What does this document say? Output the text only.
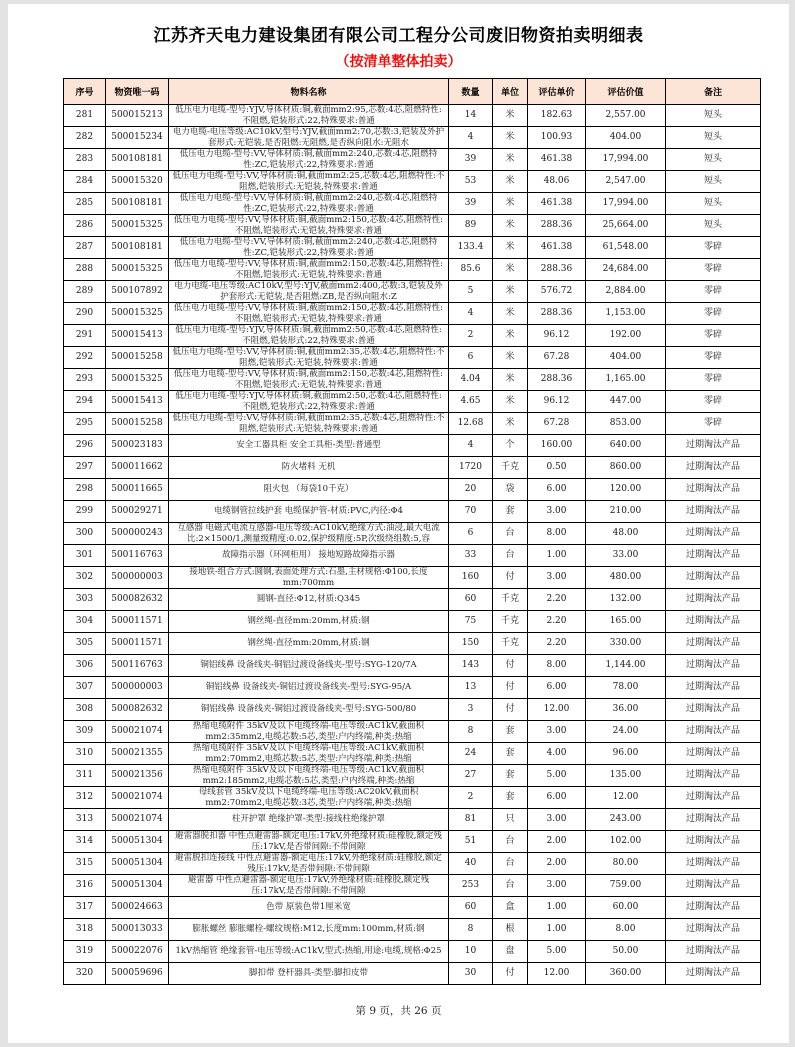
江苏齐天电力建设集团有限公司工程分公司废旧物资拍卖明细表
（按清单整体拍卖）
序号	物资唯一码	物料名称	数量	单位	评估单价	评估价值	备注
281	500015213	低压电力电缆-型号:YJV,导体材质:铜,截面mm2:95,芯数:4芯,阻燃特性:不阻燃,铠装形式:22,特殊要求:普通	14	米	182.63	2,557.00	短头
282	500015234	电力电缆-电压等级:AC10kV,型号:YJV,截面mm2:70,芯数:3,铠装及外护套形式:无铠装,是否阻燃:无阻燃,是否纵向阻水:无阻水	4	米	100.93	404.00	短头
283	500108181	低压电力电缆-型号:VV,导体材质:铜,截面mm2:240,芯数:4芯,阻燃特性:ZC,铠装形式:22,特殊要求:普通	39	米	461.38	17,994.00	短头
284	500015320	低压电力电缆-型号:VV,导体材质:铜,截面mm2:25,芯数:4芯,阻燃特性:不阻燃,铠装形式:无铠装,特殊要求:普通	53	米	48.06	2,547.00	短头
285	500108181	低压电力电缆-型号:VV,导体材质:铜,截面mm2:240,芯数:4芯,阻燃特性:ZC,铠装形式:22,特殊要求:普通	39	米	461.38	17,994.00	短头
286	500015325	低压电力电缆-型号:VV,导体材质:铜,截面mm2:150,芯数:4芯,阻燃特性:不阻燃,铠装形式:无铠装,特殊要求:普通	89	米	288.36	25,664.00	短头
287	500108181	低压电力电缆-型号:VV,导体材质:铜,截面mm2:240,芯数:4芯,阻燃特性:ZC,铠装形式:22,特殊要求:普通	133.4	米	461.38	61,548.00	零碎
288	500015325	低压电力电缆-型号:VV,导体材质:铜,截面mm2:150,芯数:4芯,阻燃特性:不阻燃,铠装形式:无铠装,特殊要求:普通	85.6	米	288.36	24,684.00	零碎
289	500107892	电力电缆-电压等级:AC10kV,型号:YJV,截面mm2:400,芯数:3,铠装及外护套形式:无铠装,是否阻燃:ZB,是否纵向阻水:Z	5	米	576.72	2,884.00	零碎
290	500015325	低压电力电缆-型号:VV,导体材质:铜,截面mm2:150,芯数:4芯,阻燃特性:不阻燃,铠装形式:无铠装,特殊要求:普通	4	米	288.36	1,153.00	零碎
291	500015413	低压电力电缆-型号:YJV,导体材质:铜,截面mm2:50,芯数:4芯,阻燃特性:不阻燃,铠装形式:22,特殊要求:普通	2	米	96.12	192.00	零碎
292	500015258	低压电力电缆-型号:VV,导体材质:铜,截面mm2:35,芯数:4芯,阻燃特性:不阻燃,铠装形式:无铠装,特殊要求:普通	6	米	67.28	404.00	零碎
293	500015325	低压电力电缆-型号:VV,导体材质:铜,截面mm2:150,芯数:4芯,阻燃特性:不阻燃,铠装形式:无铠装,特殊要求:普通	4.04	米	288.36	1,165.00	零碎
294	500015413	低压电力电缆-型号:YJV,导体材质:铜,截面mm2:50,芯数:4芯,阻燃特性:不阻燃,铠装形式:22,特殊要求:普通	4.65	米	96.12	447.00	零碎
295	500015258	低压电力电缆-型号:VV,导体材质:铜,截面mm2:35,芯数:4芯,阻燃特性:不阻燃,铠装形式:无铠装,特殊要求:普通	12.68	米	67.28	853.00	零碎
296	500023183	安全工器具柜 安全工具柜-类型:普通型	4	个	160.00	640.00	过期淘汰产品
297	500011662	防火堵料 无机	1720	千克	0.50	860.00	过期淘汰产品
298	500011665	阻火包 （每袋10千克）	20	袋	6.00	120.00	过期淘汰产品
299	500029271	电缆钢管拉线护套 电缆保护管-材质:PVC,内径:Φ4	70	套	3.00	210.00	过期淘汰产品
300	500000243	互感器 电磁式电流互感器-电压等级:AC10kV,绝缘方式:油浸,最大电流比:2×1500/1,测量级精度:0.02,保护级精度:5P,次级绕组数:5,容	6	台	8.00	48.00	过期淘汰产品
301	500116763	故障指示器（环网柜用） 接地短路故障指示器	33	台	1.00	33.00	过期淘汰产品
302	500000003	接地铁-组合方式:圆钢,表面处理方式:石墨,主材规格:Φ100,长度mm:700mm	160	付	3.00	480.00	过期淘汰产品
303	500082632	圆钢-直径:Φ12,材质:Q345	60	千克	2.20	132.00	过期淘汰产品
304	500011571	钢丝绳-直径mm:20mm,材质:钢	75	千克	2.20	165.00	过期淘汰产品
305	500011571	钢丝绳-直径mm:20mm,材质:钢	150	千克	2.20	330.00	过期淘汰产品
306	500116763	铜铝线鼻 设备线夹-铜铝过渡设备线夹-型号:SYG-120/7A	143	付	8.00	1,144.00	过期淘汰产品
307	500000003	铜铝线鼻 设备线夹-铜铝过渡设备线夹-型号:SYG-95/A	13	付	6.00	78.00	过期淘汰产品
308	500082632	铜铝线鼻 设备线夹-铜铝过渡设备线夹-型号:SYG-500/80	3	付	12.00	36.00	过期淘汰产品
309	500021074	热缩电缆附件 35kV及以下电缆终端-电压等级:AC1kV,截面积mm2:35mm2,电缆芯数:5芯,类型:户内终端,种类:热缩	8	套	3.00	24.00	过期淘汰产品
310	500021355	热缩电缆附件 35kV及以下电缆终端-电压等级:AC1kV,截面积mm2:70mm2,电缆芯数:5芯,类型:户内终端,种类:热缩	24	套	4.00	96.00	过期淘汰产品
311	500021356	热缩电缆附件 35kV及以下电缆终端-电压等级:AC1kV,截面积mm2:185mm2,电缆芯数:5芯,类型:户内终端,种类:热缩	27	套	5.00	135.00	过期淘汰产品
312	500021074	母线套管 35kV及以下电缆终端-电压等级:AC20kV,截面积mm2:70mm2,电缆芯数:3芯,类型:户内终端,种类:热缩	2	套	6.00	12.00	过期淘汰产品
313	500021074	柱开护罩 绝缘护罩-类型:接线柱绝缘护罩	81	只	3.00	243.00	过期淘汰产品
314	500051304	避雷器脱扣器 中性点避雷器-额定电压:17kV,外绝缘材质:硅橡胶,额定残压:17kV,是否带间隙:不带间隙	51	台	2.00	102.00	过期淘汰产品
315	500051304	避雷脱扣连接线 中性点避雷器-额定电压:17kV,外绝缘材质:硅橡胶,额定残压:17kV,是否带间隙:不带间隙	40	台	2.00	80.00	过期淘汰产品
316	500051304	避雷器 中性点避雷器-额定电压:17kV,外绝缘材质:硅橡胶,额定残压:17kV,是否带间隙:不带间隙	253	台	3.00	759.00	过期淘汰产品
317	500024663	色带 原装色带1厘米宽	60	盒	1.00	60.00	过期淘汰产品
318	500013033	膨胀螺丝 膨胀螺栓-螺纹规格:M12,长度mm:100mm,材质:钢	8	根	1.00	8.00	过期淘汰产品
319	500022076	1kV热缩管 绝缘套管-电压等级:AC1kV,型式:热缩,用途:电缆,规格:Φ25	10	盘	5.00	50.00	过期淘汰产品
320	500059696	脚扣带 登杆器具-类型:脚扣皮带	30	付	12.00	360.00	过期淘汰产品
第 9 页，共 26 页
